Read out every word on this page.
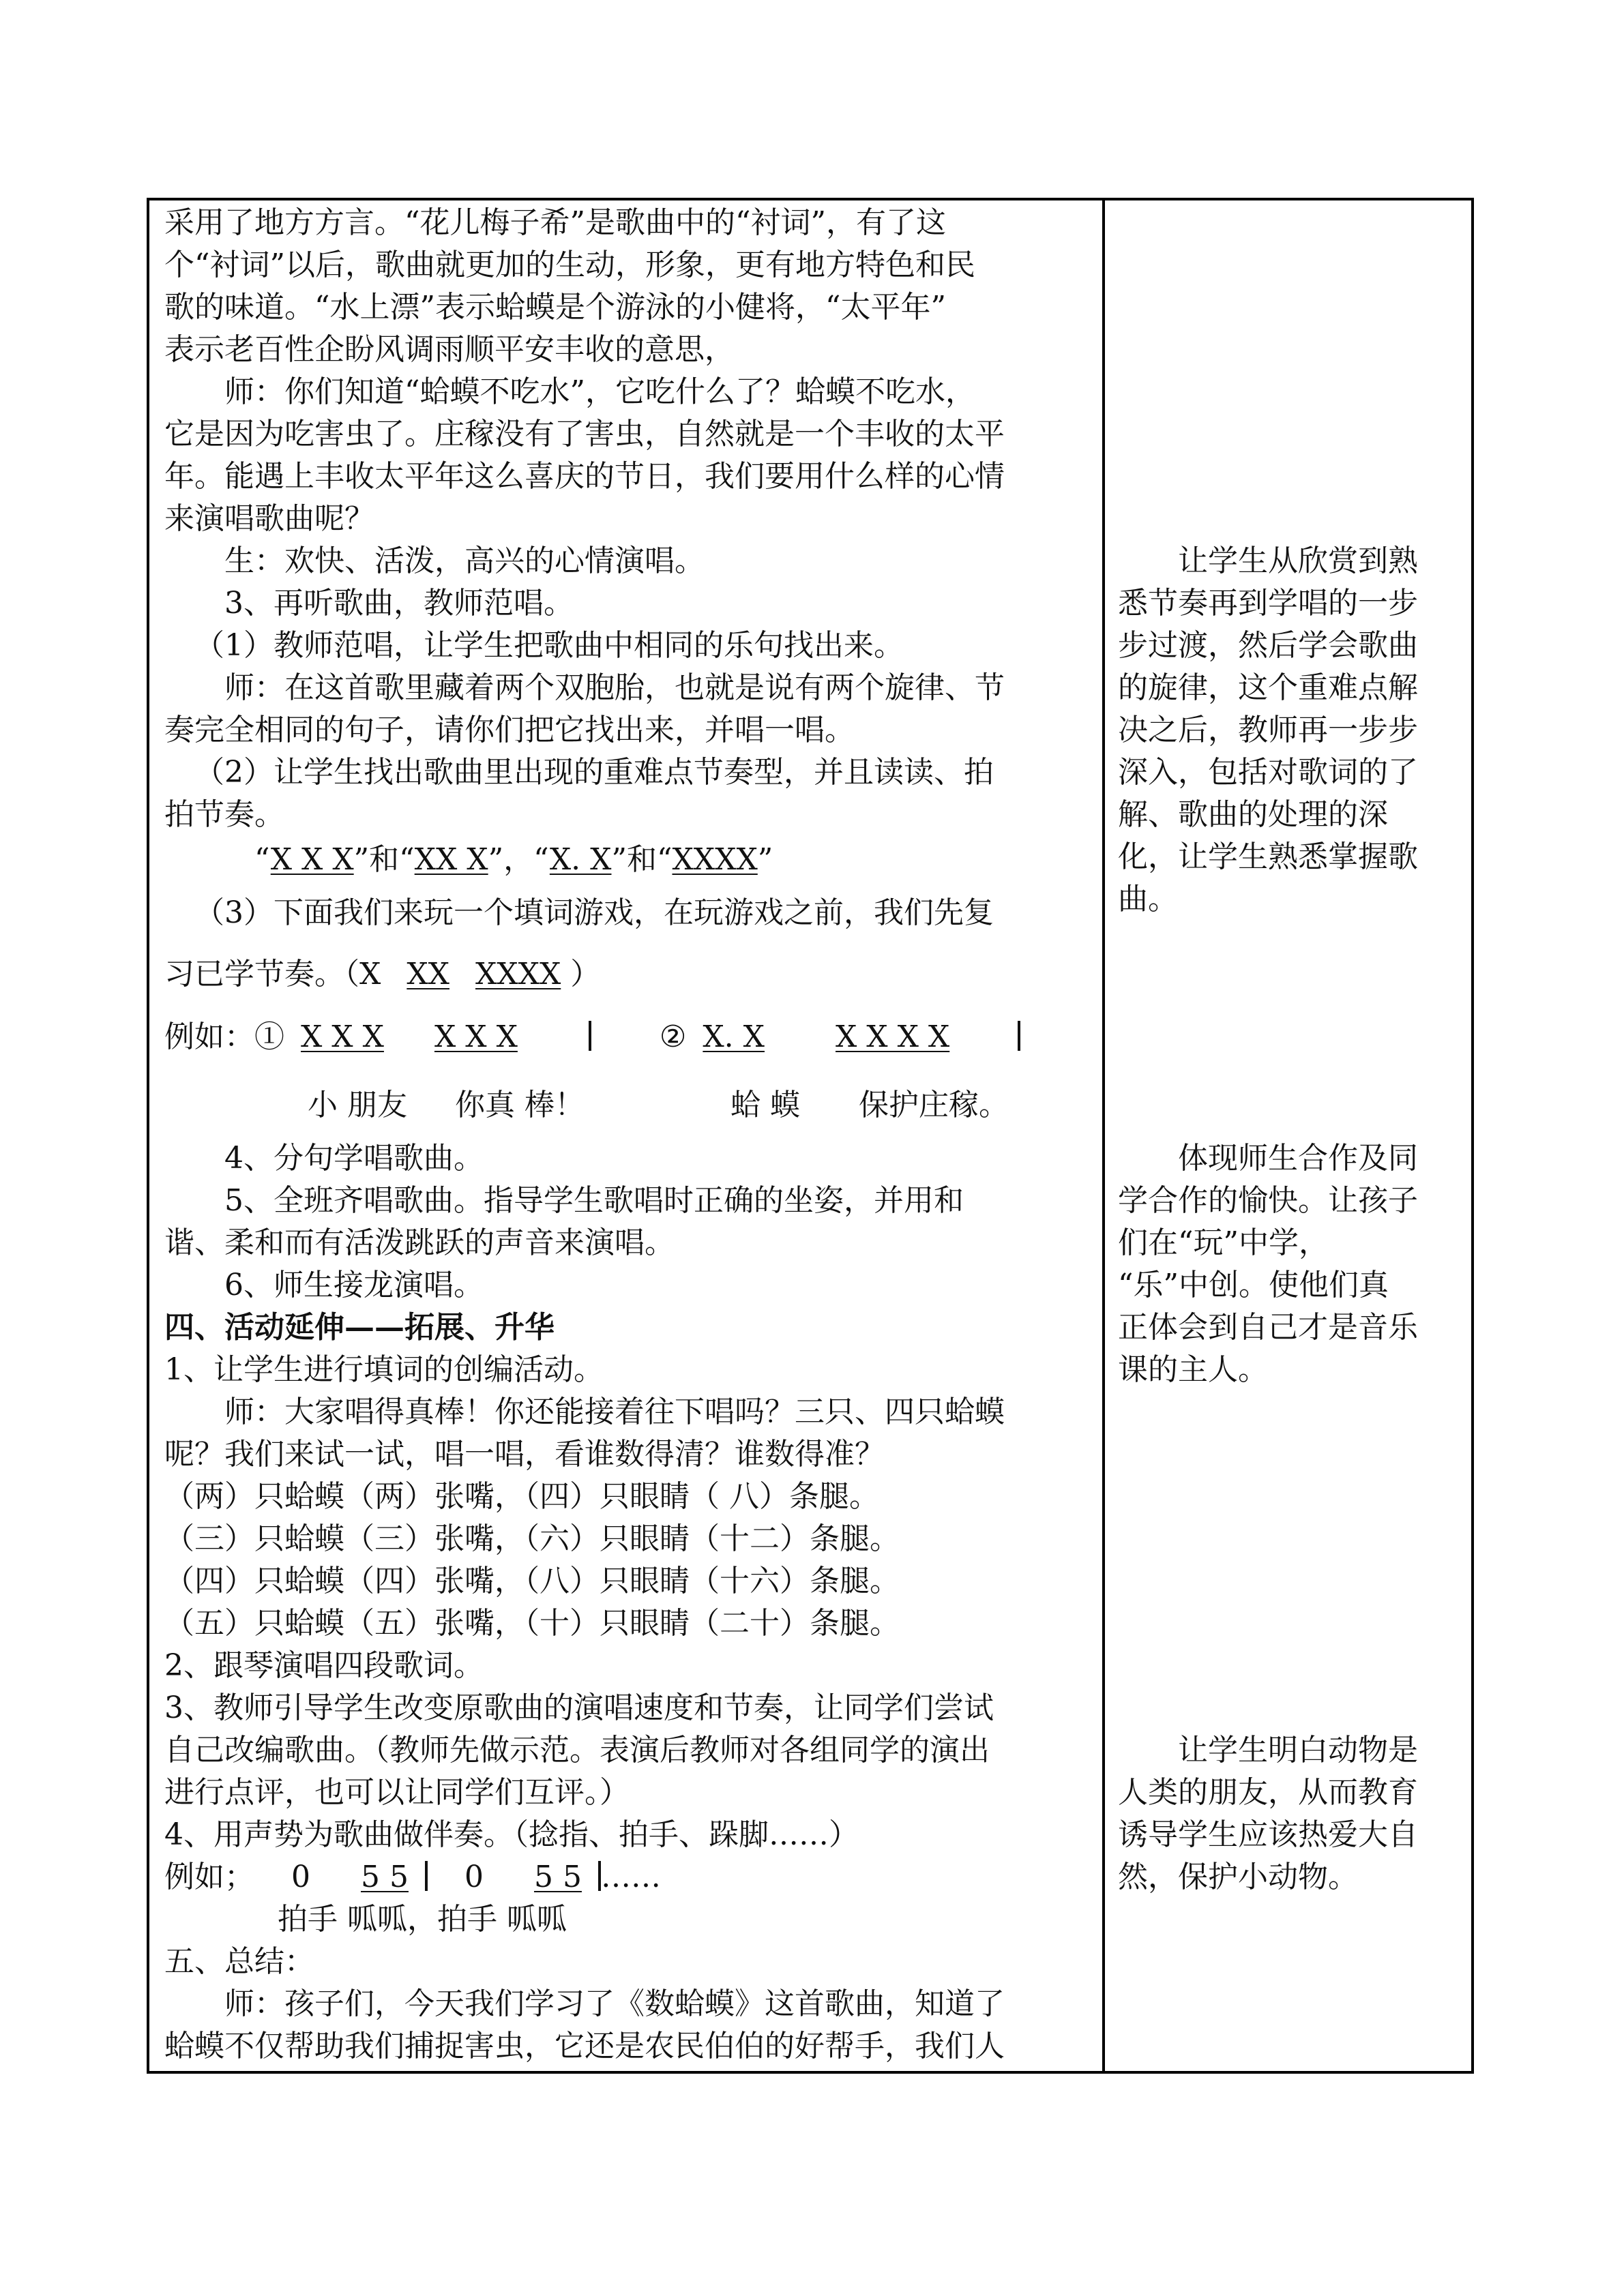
采用了地方方言。“花儿梅子希”是歌曲中的“衬词”，有了这
个“衬词”以后，歌曲就更加的生动，形象，更有地方特色和民
歌的味道。“水上漂”表示蛤蟆是个游泳的小健将，“太平年”
表示老百性企盼风调雨顺平安丰收的意思，
师：你们知道“蛤蟆不吃水”，它吃什么了？蛤蟆不吃水，
它是因为吃害虫了。庄稼没有了害虫，自然就是一个丰收的太平
年。能遇上丰收太平年这么喜庆的节日，我们要用什么样的心情
来演唱歌曲呢？
生：欢快、活泼，高兴的心情演唱。
3、再听歌曲，教师范唱。
（1）教师范唱，让学生把歌曲中相同的乐句找出来。
师：在这首歌里藏着两个双胞胎，也就是说有两个旋律、节
奏完全相同的句子，请你们把它找出来，并唱一唱。
（2）让学生找出歌曲里出现的重难点节奏型，并且读读、拍
拍节奏。
“X X X”和“XX X”，“X. X”和“XXXX”
（3）下面我们来玩一个填词游戏，在玩游戏之前，我们先复
习已学节奏。（X XX XXXX ）
例如：① X X X X X X	② X. X X X X X
小 朋友 你真 棒！	蛤 蟆 保护庄稼。
4、分句学唱歌曲。
5、全班齐唱歌曲。指导学生歌唱时正确的坐姿，并用和
谐、柔和而有活泼跳跃的声音来演唱。
6、师生接龙演唱。
四、活动延伸——拓展、升华
1、让学生进行填词的创编活动。
师：大家唱得真棒！你还能接着往下唱吗？三只、四只蛤蟆
呢？我们来试一试，唱一唱，看谁数得清？谁数得准？
（两）只蛤蟆（两）张嘴，（四）只眼睛（ 八）条腿。
（三）只蛤蟆（三）张嘴，（六）只眼睛（十二）条腿。
（四）只蛤蟆（四）张嘴，（八）只眼睛（十六）条腿。
（五）只蛤蟆（五）张嘴，（十）只眼睛（二十）条腿。
2、跟琴演唱四段歌词。
3、教师引导学生改变原歌曲的演唱速度和节奏，让同学们尝试
自己改编歌曲。（教师先做示范。表演后教师对各组同学的演出
进行点评，也可以让同学们互评。）
4、用声势为歌曲做伴奏。（捻指、拍手、跺脚……）
例如； 0 5 5 0 5 5 ……
拍手 呱呱，拍手 呱呱
五、总结：
师：孩子们，今天我们学习了《数蛤蟆》这首歌曲，知道了
蛤蟆不仅帮助我们捕捉害虫，它还是农民伯伯的好帮手，我们人
让学生从欣赏到熟
悉节奏再到学唱的一步
步过渡，然后学会歌曲
的旋律，这个重难点解
决之后，教师再一步步
深入，包括对歌词的了
解、歌曲的处理的深
化，让学生熟悉掌握歌
曲。
体现师生合作及同
学合作的愉快。让孩子
们在“玩”中学，
“乐”中创。使他们真
正体会到自己才是音乐
课的主人。
让学生明白动物是
人类的朋友，从而教育
诱导学生应该热爱大自
然，保护小动物。
